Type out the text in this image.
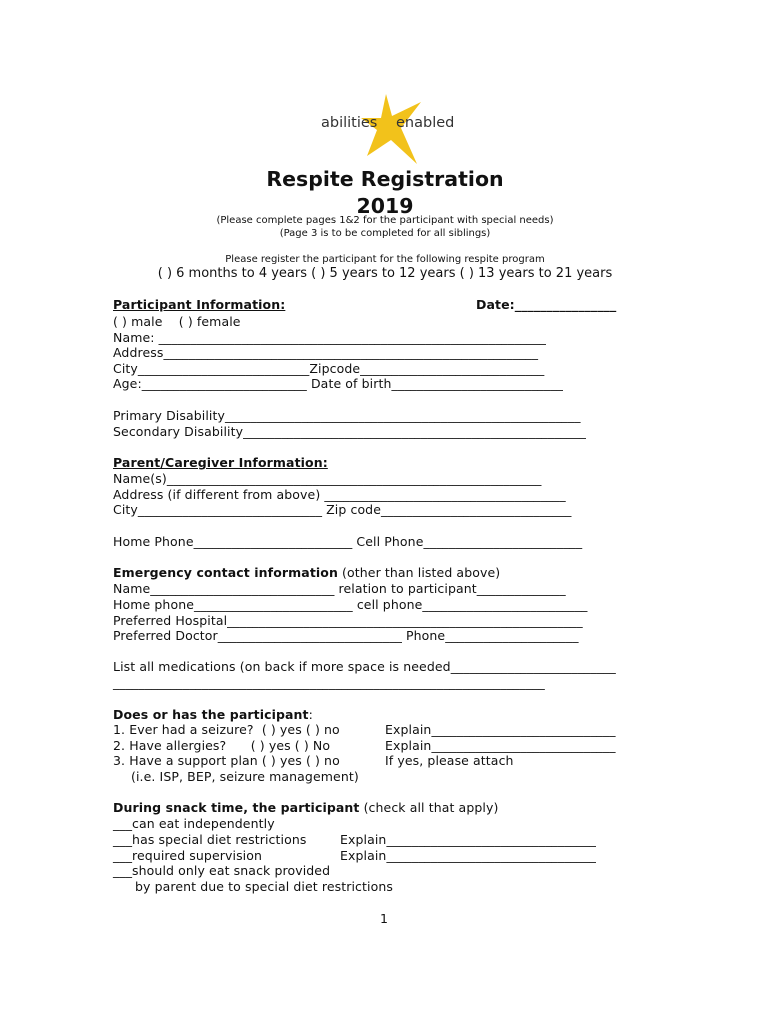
abilities enabled
Respite Registration
2019
(Please complete pages 1&2 for the participant with special needs)
(Page 3 is to be completed for all siblings)
Please register the participant for the following respite program
( ) 6 months to 4 years ( ) 5 years to 12 years ( ) 13 years to 21 years
Participant Information:	Date:________________
( ) male    ( ) female
Name: _____________________________________________________________
Address___________________________________________________________
City___________________________Zipcode_____________________________
Age:__________________________ Date of birth___________________________
Primary Disability________________________________________________________
Secondary Disability______________________________________________________
Parent/Caregiver Information:
Name(s)___________________________________________________________
Address (if different from above) ______________________________________
City_____________________________ Zip code______________________________
Home Phone_________________________ Cell Phone_________________________
Emergency contact information (other than listed above)
Name_____________________________ relation to participant______________
Home phone_________________________ cell phone__________________________
Preferred Hospital________________________________________________________
Preferred Doctor_____________________________ Phone_____________________
List all medications (on back if more space is needed__________________________
____________________________________________________________________
Does or has the participant:
1. Ever had a seizure?  ( ) yes ( ) no
2. Have allergies?      ( ) yes ( ) No
3. Have a support plan ( ) yes ( ) no
(i.e. ISP, BEP, seizure management)
Explain_____________________________
Explain_____________________________
If yes, please attach
During snack time, the participant (check all that apply)
___can eat independently
___has special diet restrictions
___required supervision
___should only eat snack provided
by parent due to special diet restrictions
Explain_________________________________
Explain_________________________________
1
